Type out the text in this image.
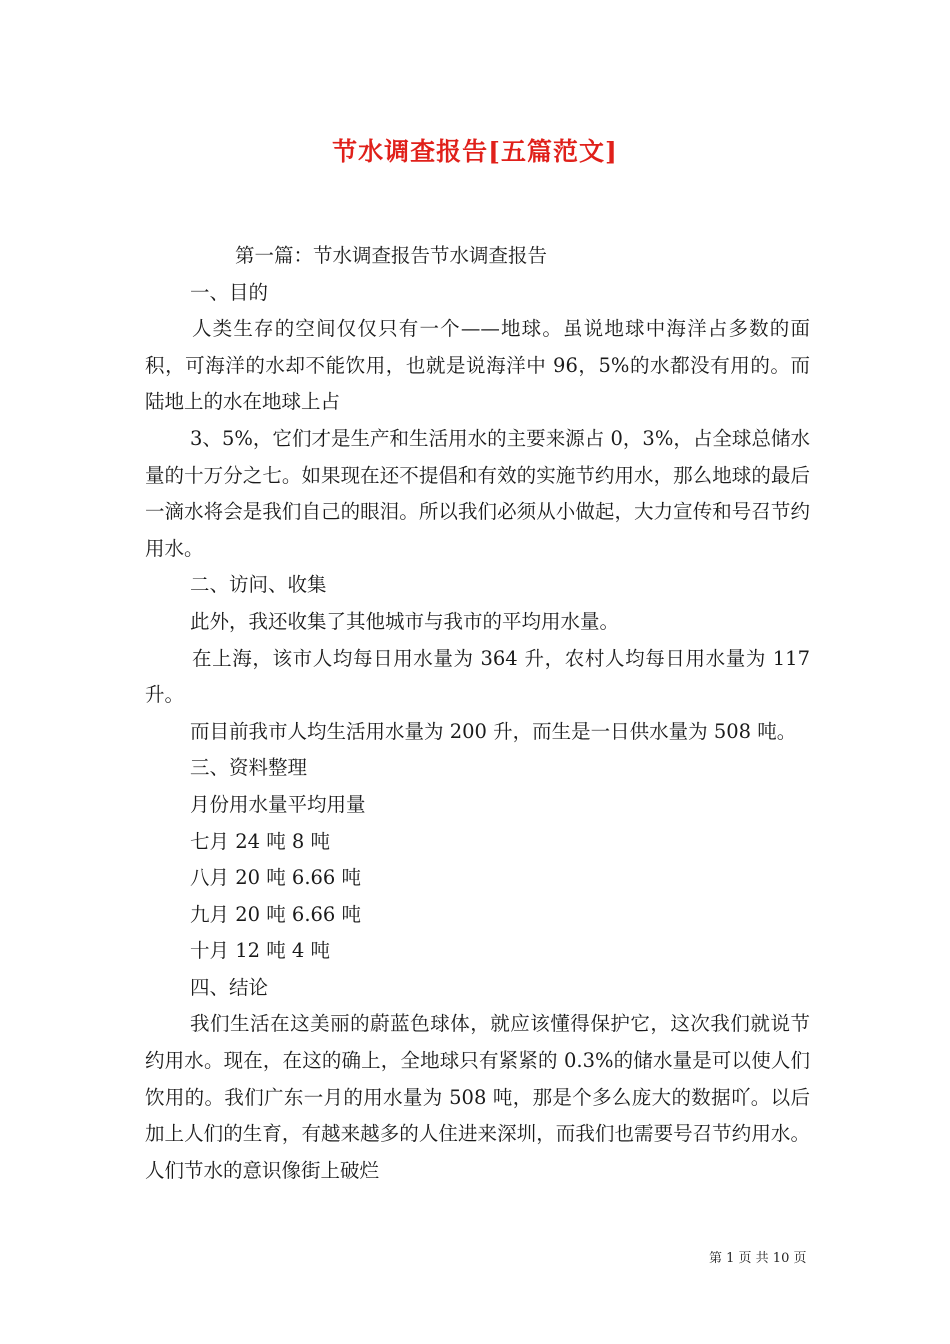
节水调查报告[五篇范文]

第一篇：节水调查报告节水调查报告

一、目的

人类生存的空间仅仅只有一个——地球。虽说地球中海洋占多数的面积，可海洋的水却不能饮用，也就是说海洋中 96，5%的水都没有用的。而陆地上的水在地球上占

3、5%，它们才是生产和生活用水的主要来源占 0，3%，占全球总储水量的十万分之七。如果现在还不提倡和有效的实施节约用水，那么地球的最后一滴水将会是我们自己的眼泪。所以我们必须从小做起，大力宣传和号召节约用水。

二、访问、收集

此外，我还收集了其他城市与我市的平均用水量。

在上海，该市人均每日用水量为 364 升，农村人均每日用水量为 117 升。

而目前我市人均生活用水量为 200 升，而生是一日供水量为 508 吨。

三、资料整理

月份用水量平均用量

七月 24 吨 8 吨

八月 20 吨 6.66 吨

九月 20 吨 6.66 吨

十月 12 吨 4 吨

四、结论

我们生活在这美丽的蔚蓝色球体，就应该懂得保护它，这次我们就说节约用水。现在，在这的确上，全地球只有紧紧的 0.3%的储水量是可以使人们饮用的。我们广东一月的用水量为 508 吨，那是个多么庞大的数据吖。以后加上人们的生育，有越来越多的人住进来深圳，而我们也需要号召节约用水。人们节水的意识像街上破烂

第 1 页 共 10 页
